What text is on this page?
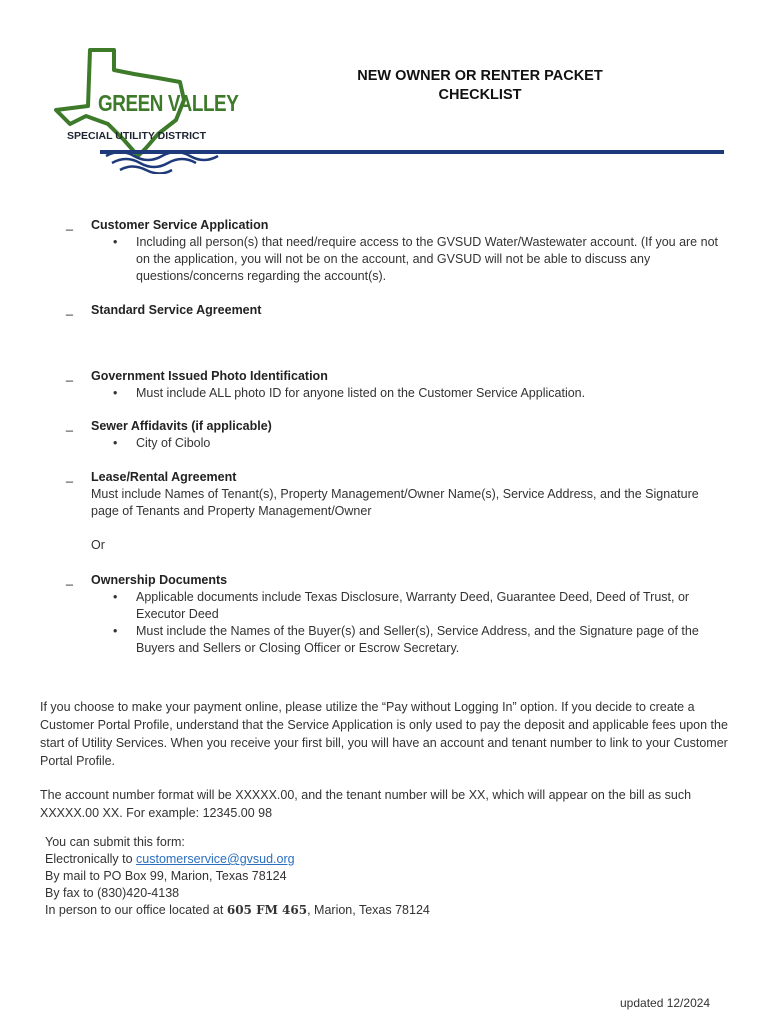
GREEN VALLEY
SPECIAL UTILITY DISTRICT
NEW OWNER OR RENTER PACKET
CHECKLIST
_ Customer Service Application
• Including all person(s) that need/require access to the GVSUD Water/Wastewater account. (If you are not on the application, you will not be on the account, and GVSUD will not be able to discuss any questions/concerns regarding the account(s).
_ Standard Service Agreement
_ Government Issued Photo Identification
• Must include ALL photo ID for anyone listed on the Customer Service Application.
_ Sewer Affidavits (if applicable)
• City of Cibolo
_ Lease/Rental Agreement
Must include Names of Tenant(s), Property Management/Owner Name(s), Service Address, and the Signature page of Tenants and Property Management/Owner
Or
_ Ownership Documents
• Applicable documents include Texas Disclosure, Warranty Deed, Guarantee Deed, Deed of Trust, or Executor Deed
• Must include the Names of the Buyer(s) and Seller(s), Service Address, and the Signature page of the Buyers and Sellers or Closing Officer or Escrow Secretary.
If you choose to make your payment online, please utilize the “Pay without Logging In” option. If you decide to create a Customer Portal Profile, understand that the Service Application is only used to pay the deposit and applicable fees upon the start of Utility Services. When you receive your first bill, you will have an account and tenant number to link to your Customer Portal Profile.
The account number format will be XXXXX.00, and the tenant number will be XX, which will appear on the bill as such XXXXX.00 XX. For example: 12345.00 98
You can submit this form:
Electronically to customerservice@gvsud.org
By mail to PO Box 99, Marion, Texas 78124
By fax to (830)420-4138
In person to our office located at 605 FM 465, Marion, Texas 78124
updated 12/2024
